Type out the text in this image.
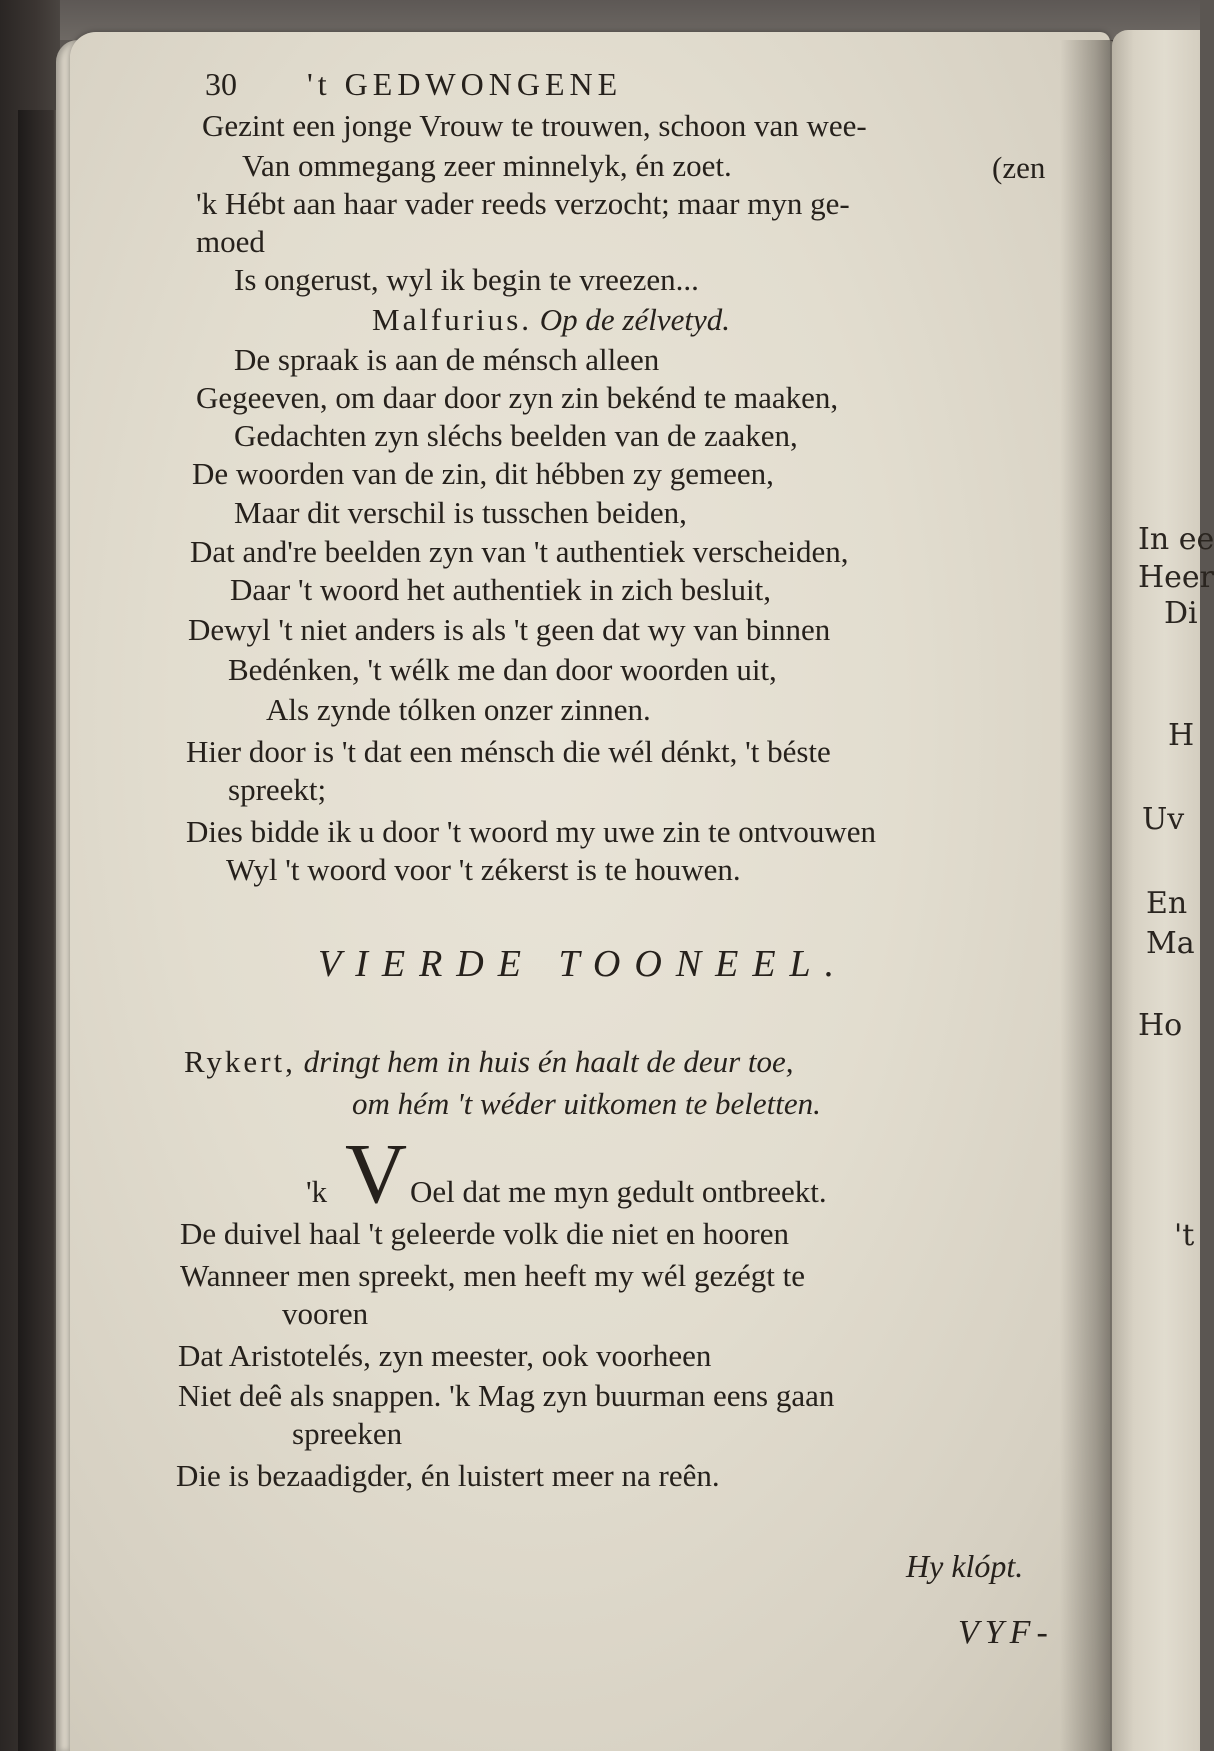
In ee
Heer
Di
H
Uv
En
Ma
Ho
't
30 't GEDWONGENE
Gezint een jonge Vrouw te trouwen, schoon van wee-
Van ommegang zeer minnelyk, én zoet.	(zen
'k Hébt aan haar vader reeds verzocht; maar myn ge-
moed
Is ongerust, wyl ik begin te vreezen...
Malfurius. Op de zélvetyd.
De spraak is aan de ménsch alleen
Gegeeven, om daar door zyn zin bekénd te maaken,
Gedachten zyn sléchs beelden van de zaaken,
De woorden van de zin, dit hébben zy gemeen,
Maar dit verschil is tusschen beiden,
Dat and're beelden zyn van 't authentiek verscheiden,
Daar 't woord het authentiek in zich besluit,
Dewyl 't niet anders is als 't geen dat wy van binnen
Bedénken, 't wélk me dan door woorden uit,
Als zynde tólken onzer zinnen.
Hier door is 't dat een ménsch die wél dénkt, 't béste
spreekt;
Dies bidde ik u door 't woord my uwe zin te ontvouwen
Wyl 't woord voor 't zékerst is te houwen.
VIERDE TOONEEL.
Rykert, dringt hem in huis én haalt de deur toe,
om hém 't wéder uitkomen te beletten.
'k V Oel dat me myn gedult ontbreekt.
De duivel haal 't geleerde volk die niet en hooren
Wanneer men spreekt, men heeft my wél gezégt te
vooren
Dat Aristotelés, zyn meester, ook voorheen
Niet deê als snappen. 'k Mag zyn buurman eens gaan
spreeken
Die is bezaadigder, én luistert meer na reên.
Hy klópt.
VYF-
